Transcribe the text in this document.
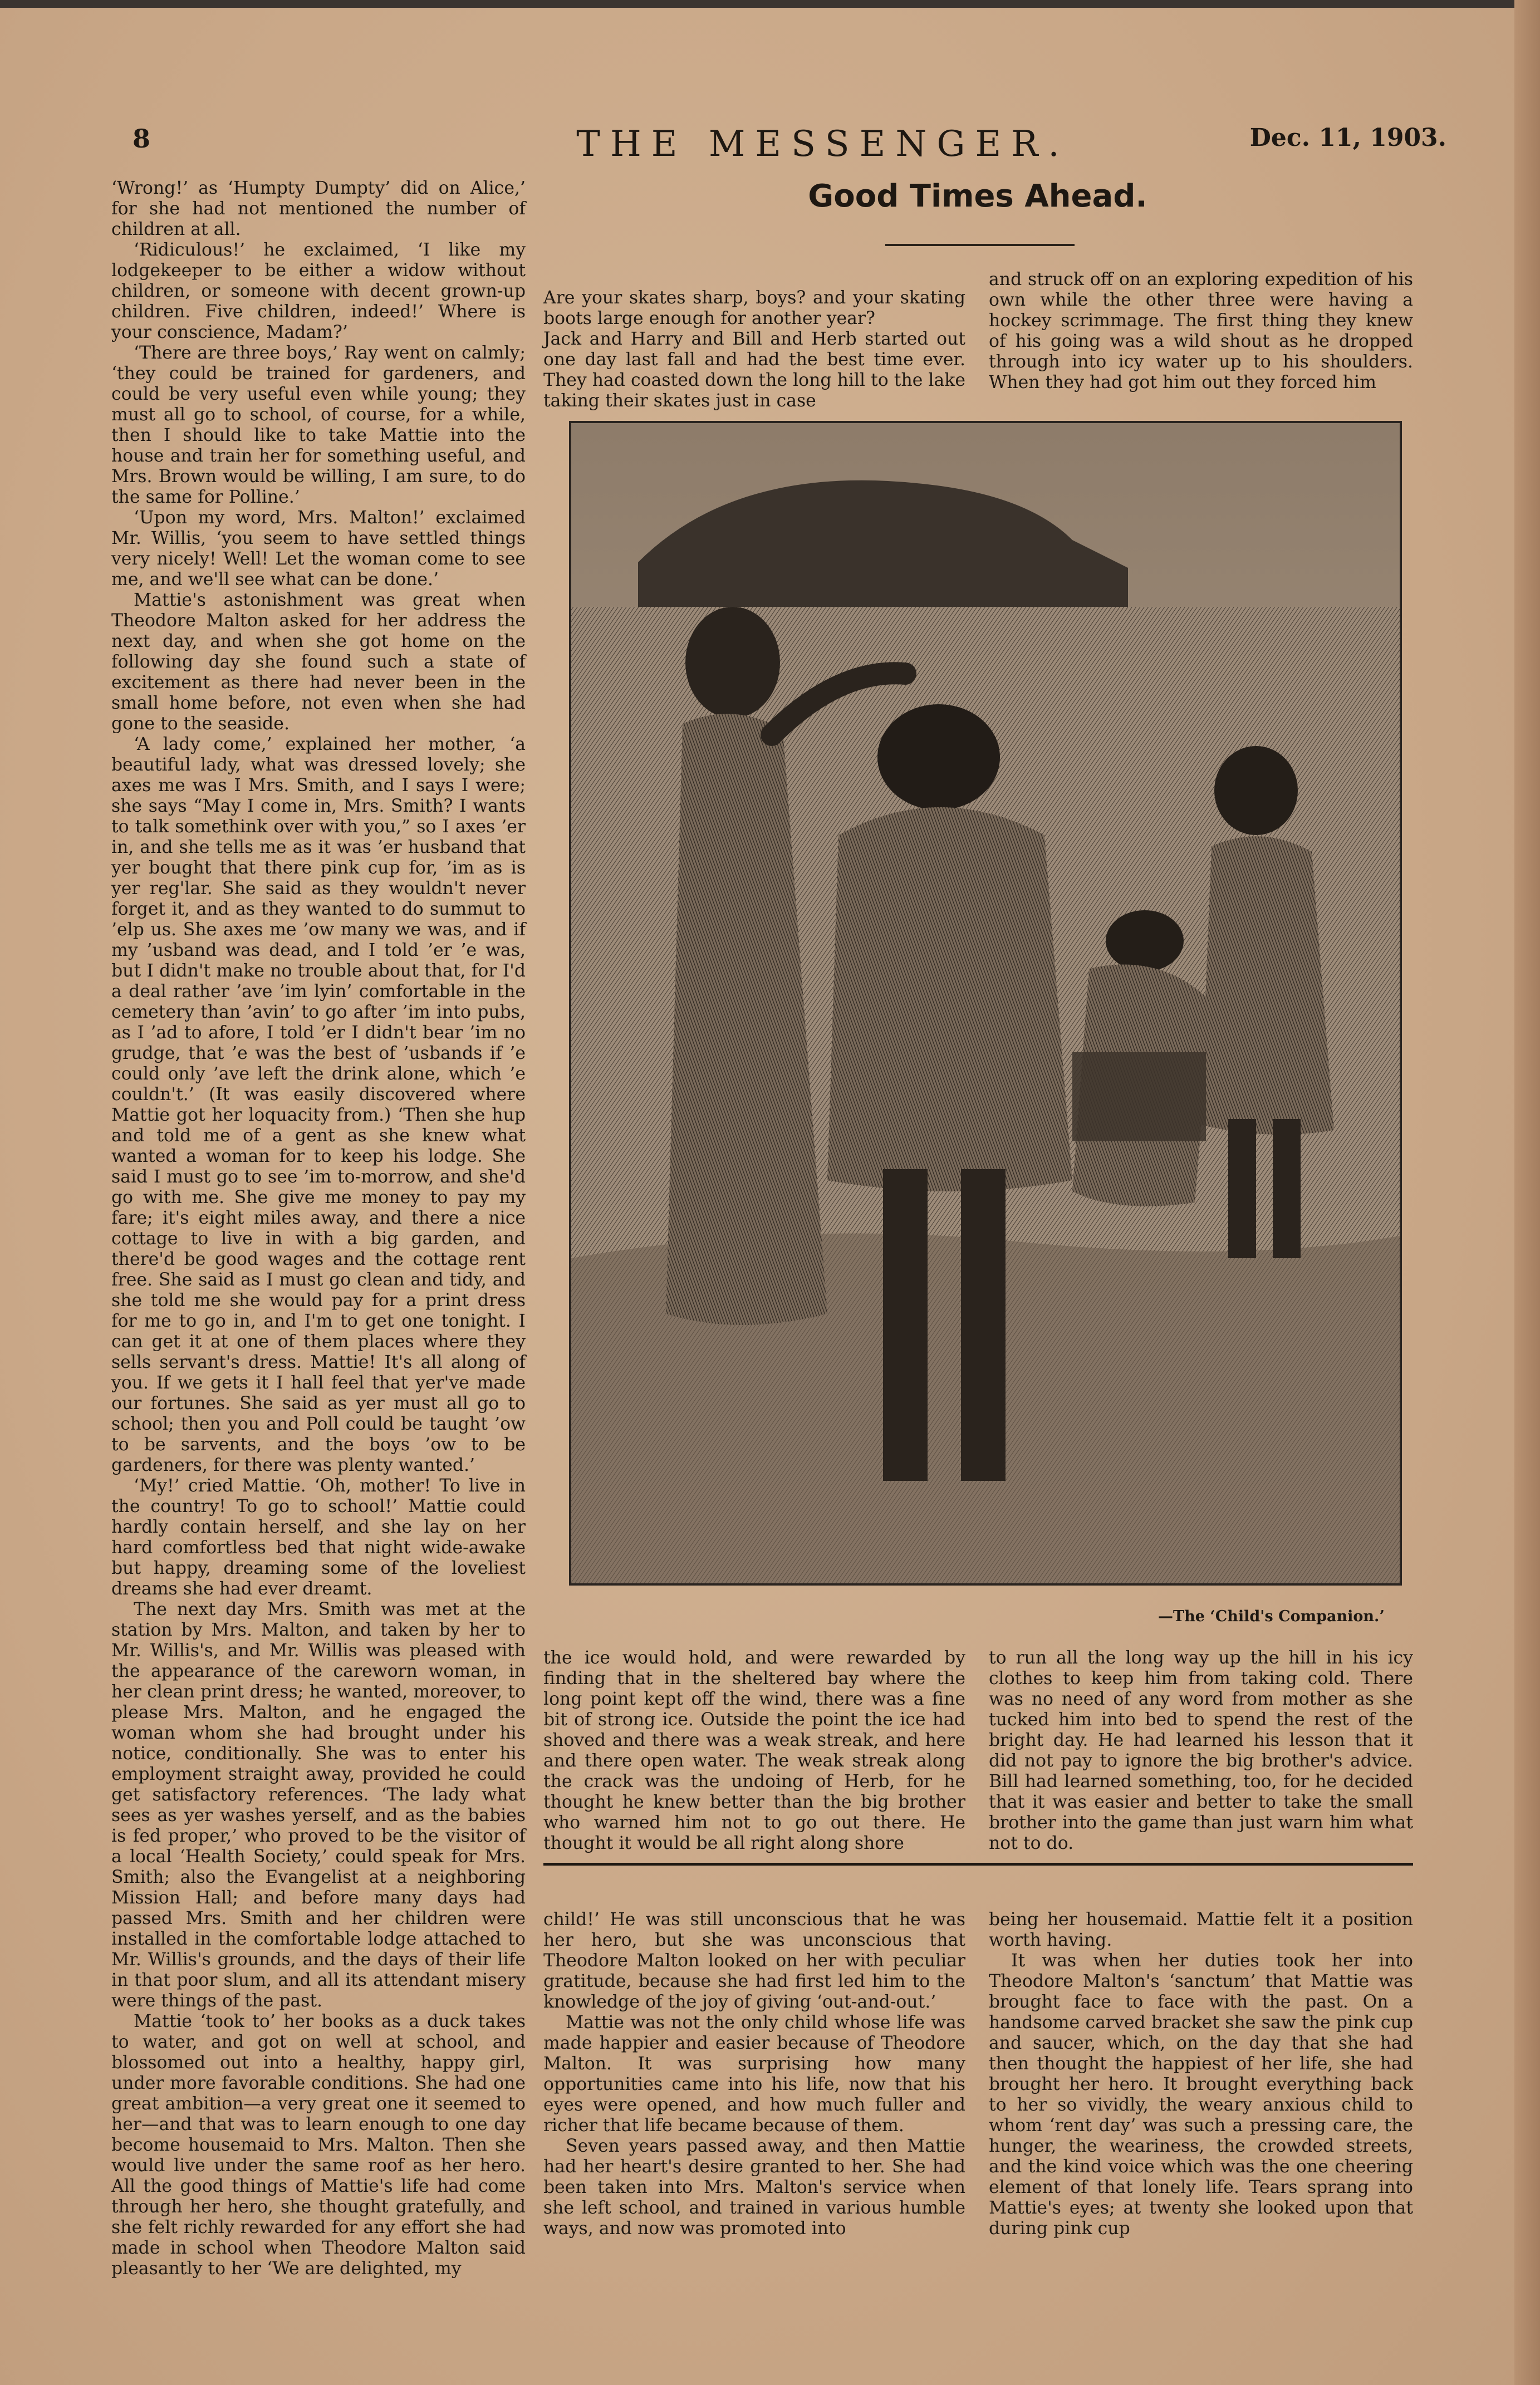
8	THE MESSENGER.	Dec. 11, 1903.

‘Wrong!’ as ‘Humpty Dumpty’ did on Alice,’ for she had not mentioned the number of children at all.

‘Ridiculous!’ he exclaimed, ‘I like my lodgekeeper to be either a widow without children, or someone with decent grown-up children. Five children, indeed!’ Where is your conscience, Madam?’

‘There are three boys,’ Ray went on calmly; ‘they could be trained for gardeners, and could be very useful even while young; they must all go to school, of course, for a while, then I should like to take Mattie into the house and train her for something useful, and Mrs. Brown would be willing, I am sure, to do the same for Polline.’

‘Upon my word, Mrs. Malton!’ exclaimed Mr. Willis, ‘you seem to have settled things very nicely! Well! Let the woman come to see me, and we'll see what can be done.’

Mattie's astonishment was great when Theodore Malton asked for her address the next day, and when she got home on the following day she found such a state of excitement as there had never been in the small home before, not even when she had gone to the seaside.

‘A lady come,’ explained her mother, ‘a beautiful lady, what was dressed lovely; she axes me was I Mrs. Smith, and I says I were; she says “May I come in, Mrs. Smith? I wants to talk somethink over with you,” so I axes ’er in, and she tells me as it was ’er husband that yer bought that there pink cup for, ’im as is yer reg'lar. She said as they wouldn't never forget it, and as they wanted to do summut to ’elp us. She axes me ’ow many we was, and if my ’usband was dead, and I told ’er ’e was, but I didn't make no trouble about that, for I'd a deal rather ’ave ’im lyin’ comfortable in the cemetery than ’avin’ to go after ’im into pubs, as I ’ad to afore, I told ’er I didn't bear ’im no grudge, that ’e was the best of ’usbands if ’e could only ’ave left the drink alone, which ’e couldn't.’ (It was easily discovered where Mattie got her loquacity from.) ‘Then she hup and told me of a gent as she knew what wanted a woman for to keep his lodge. She said I must go to see ’im to-morrow, and she'd go with me. She give me money to pay my fare; it's eight miles away, and there a nice cottage to live in with a big garden, and there'd be good wages and the cottage rent free. She said as I must go clean and tidy, and she told me she would pay for a print dress for me to go in, and I'm to get one tonight. I can get it at one of them places where they sells servant's dress. Mattie! It's all along of you. If we gets it I hall feel that yer've made our fortunes. She said as yer must all go to school; then you and Poll could be taught ’ow to be sarvents, and the boys ’ow to be gardeners, for there was plenty wanted.’

‘My!’ cried Mattie. ‘Oh, mother! To live in the country! To go to school!’ Mattie could hardly contain herself, and she lay on her hard comfortless bed that night wide-awake but happy, dreaming some of the loveliest dreams she had ever dreamt.

The next day Mrs. Smith was met at the station by Mrs. Malton, and taken by her to Mr. Willis's, and Mr. Willis was pleased with the appearance of the careworn woman, in her clean print dress; he wanted, moreover, to please Mrs. Malton, and he engaged the woman whom she had brought under his notice, conditionally. She was to enter his employment straight away, provided he could get satisfactory references. ‘The lady what sees as yer washes yerself, and as the babies is fed proper,’ who proved to be the visitor of a local ‘Health Society,’ could speak for Mrs. Smith; also the Evangelist at a neighboring Mission Hall; and before many days had passed Mrs. Smith and her children were installed in the comfortable lodge attached to Mr. Willis's grounds, and the days of their life in that poor slum, and all its attendant misery were things of the past.

Mattie ‘took to’ her books as a duck takes to water, and got on well at school, and blossomed out into a healthy, happy girl, under more favorable conditions. She had one great ambition—a very great one it seemed to her—and that was to learn enough to one day become housemaid to Mrs. Malton. Then she would live under the same roof as her hero. All the good things of Mattie's life had come through her hero, she thought gratefully, and she felt richly rewarded for any effort she had made in school when Theodore Malton said pleasantly to her ‘We are delighted, my

Good Times Ahead.

Are your skates sharp, boys? and your skating boots large enough for another year?
Jack and Harry and Bill and Herb started out one day last fall and had the best time ever. They had coasted down the long hill to the lake taking their skates just in case

and struck off on an exploring expedition of his own while the other three were having a hockey scrimmage. The first thing they knew of his going was a wild shout as he dropped through into icy water up to his shoulders. When they had got him out they forced him

—The ‘Child's Companion.’

the ice would hold, and were rewarded by finding that in the sheltered bay where the long point kept off the wind, there was a fine bit of strong ice. Outside the point the ice had shoved and there was a weak streak, and here and there open water. The weak streak along the crack was the undoing of Herb, for he thought he knew better than the big brother who warned him not to go out there. He thought it would be all right along shore

to run all the long way up the hill in his icy clothes to keep him from taking cold. There was no need of any word from mother as she tucked him into bed to spend the rest of the bright day. He had learned his lesson that it did not pay to ignore the big brother's advice. Bill had learned something, too, for he decided that it was easier and better to take the small brother into the game than just warn him what not to do.

child!’ He was still unconscious that he was her hero, but she was unconscious that Theodore Malton looked on her with peculiar gratitude, because she had first led him to the knowledge of the joy of giving ‘out-and-out.’

Mattie was not the only child whose life was made happier and easier because of Theodore Malton. It was surprising how many opportunities came into his life, now that his eyes were opened, and how much fuller and richer that life became because of them.

Seven years passed away, and then Mattie had her heart's desire granted to her. She had been taken into Mrs. Malton's service when she left school, and trained in various humble ways, and now was promoted into

being her housemaid. Mattie felt it a position worth having.

It was when her duties took her into Theodore Malton's ‘sanctum’ that Mattie was brought face to face with the past. On a handsome carved bracket she saw the pink cup and saucer, which, on the day that she had then thought the happiest of her life, she had brought her hero. It brought everything back to her so vividly, the weary anxious child to whom ‘rent day’ was such a pressing care, the hunger, the weariness, the crowded streets, and the kind voice which was the one cheering element of that lonely life. Tears sprang into Mattie's eyes; at twenty she looked upon that during pink cup
